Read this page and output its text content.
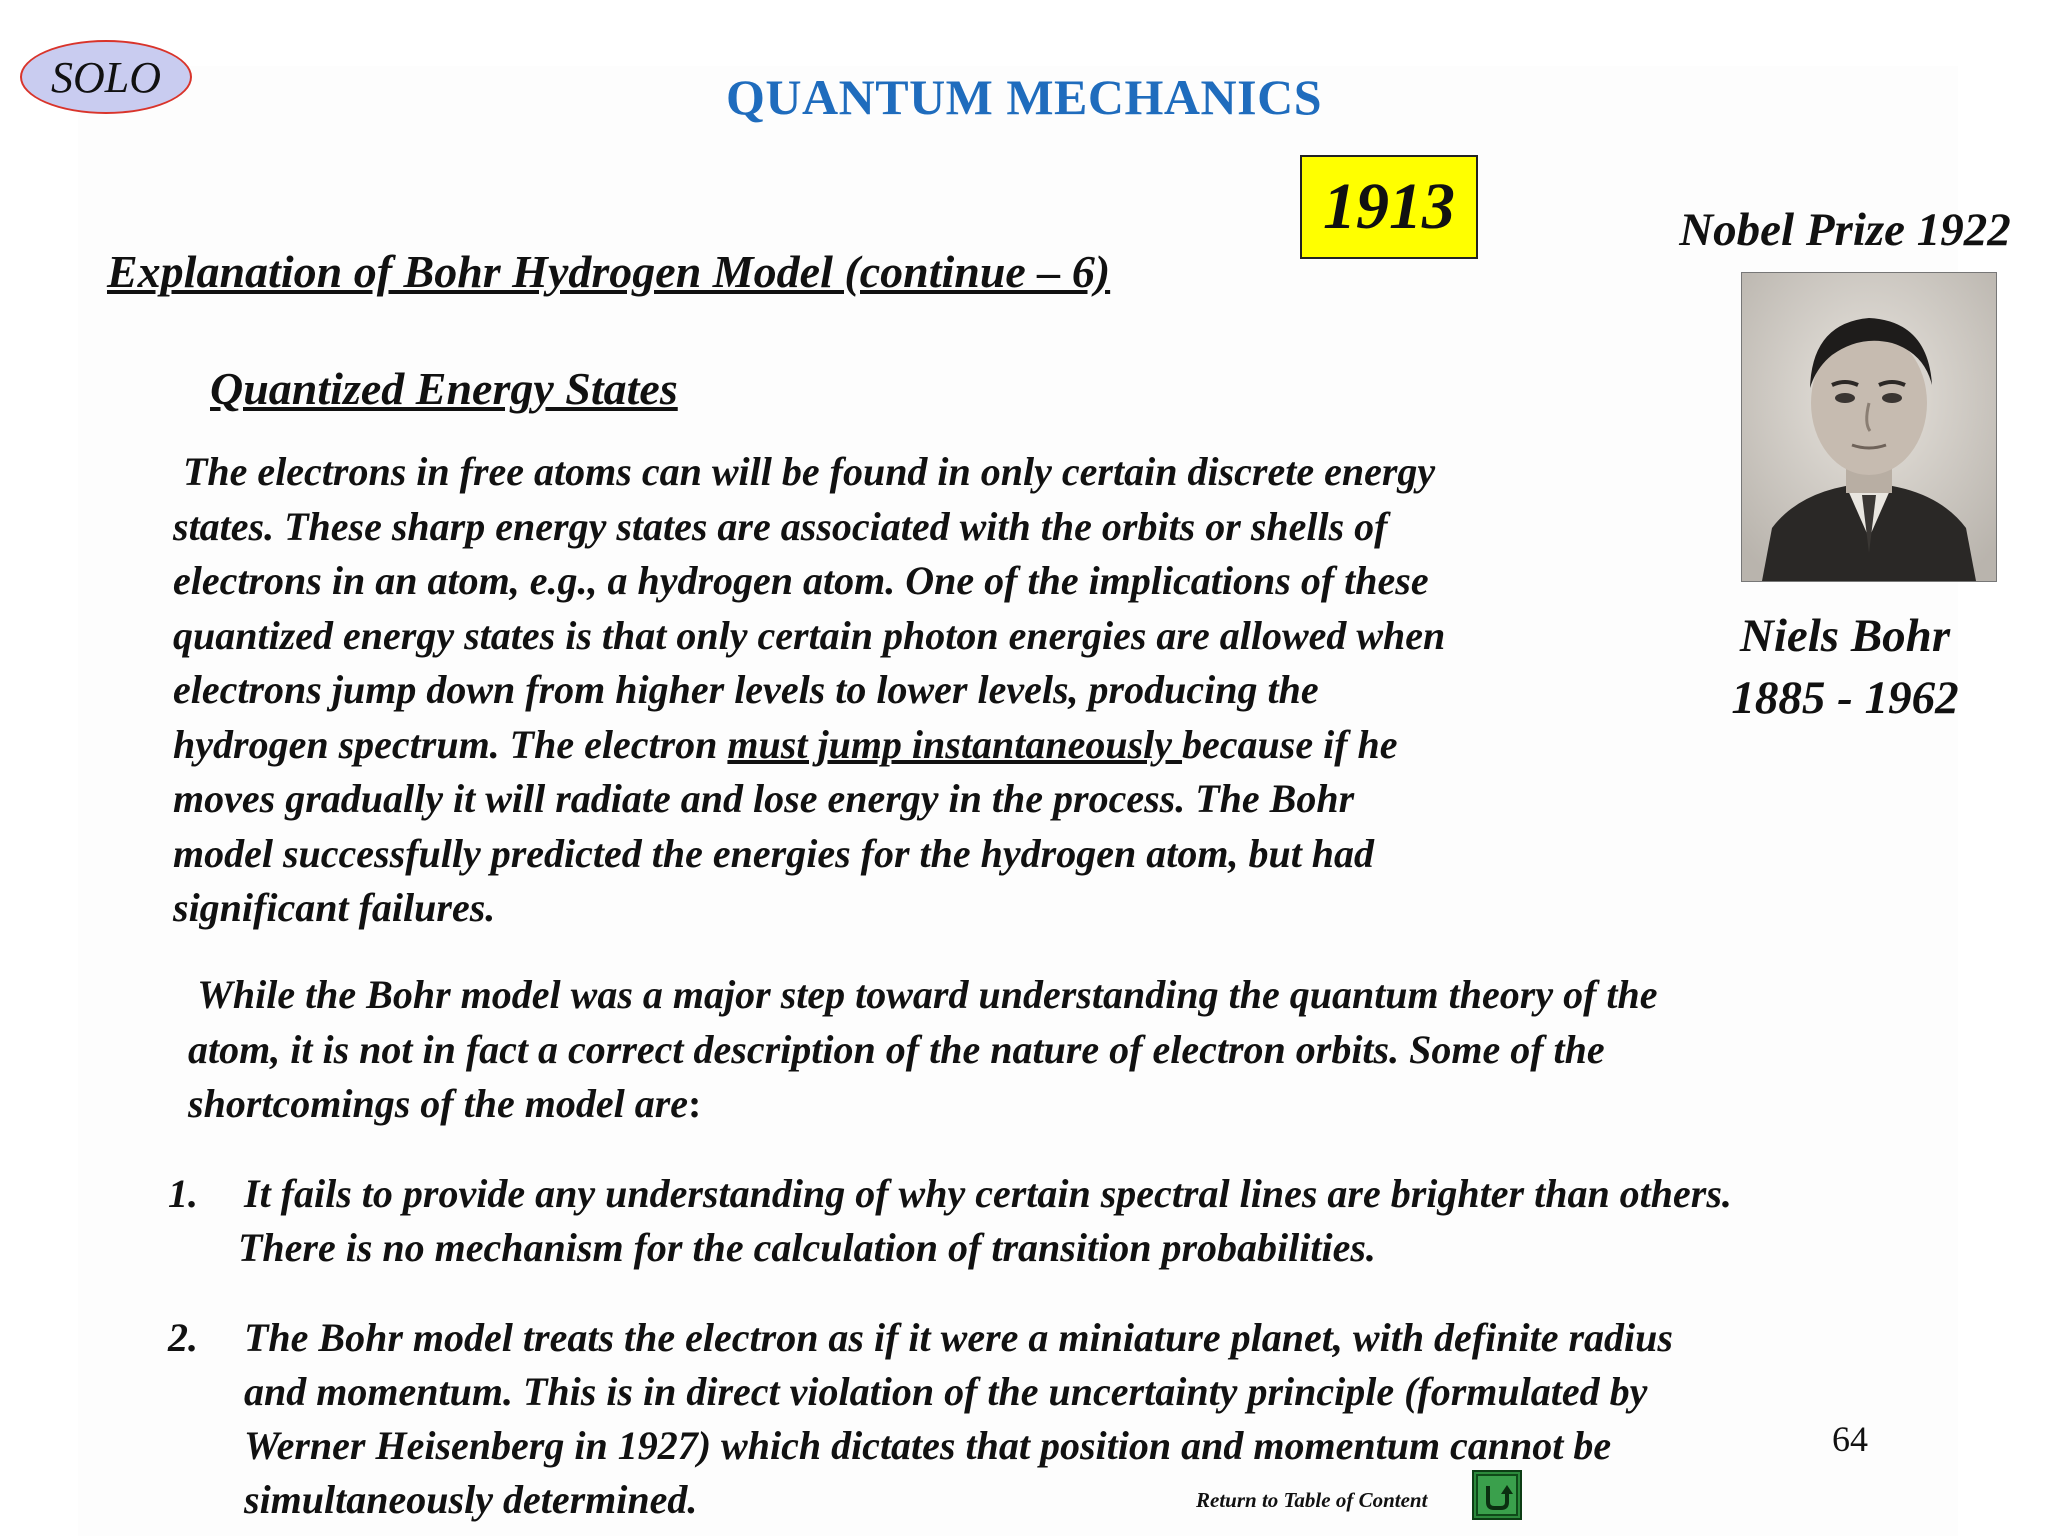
SOLO	QUANTUM MECHANICS
1913	Nobel Prize 1922
Niels Bohr
1885 - 1962
Explanation of Bohr Hydrogen Model (continue – 6)
Quantized Energy States
The electrons in free atoms can will be found in only certain discrete energy
states. These sharp energy states are associated with the orbits or shells of
electrons in an atom, e.g., a hydrogen atom. One of the implications of these
quantized energy states is that only certain photon energies are allowed when
electrons jump down from higher levels to lower levels, producing the
hydrogen spectrum. The electron must jump instantaneously because if he
moves gradually it will radiate and lose energy in the process. The Bohr
model successfully predicted the energies for the hydrogen atom, but had
significant failures.
While the Bohr model was a major step toward understanding the quantum theory of the
atom, it is not in fact a correct description of the nature of electron orbits. Some of the
shortcomings of the model are:
1. It fails to provide any understanding of why certain spectral lines are brighter than others.
There is no mechanism for the calculation of transition probabilities.
2. The Bohr model treats the electron as if it were a miniature planet, with definite radius
and momentum. This is in direct violation of the uncertainty principle (formulated by
Werner Heisenberg in 1927) which dictates that position and momentum cannot be
simultaneously determined.
64
Return to Table of Content
